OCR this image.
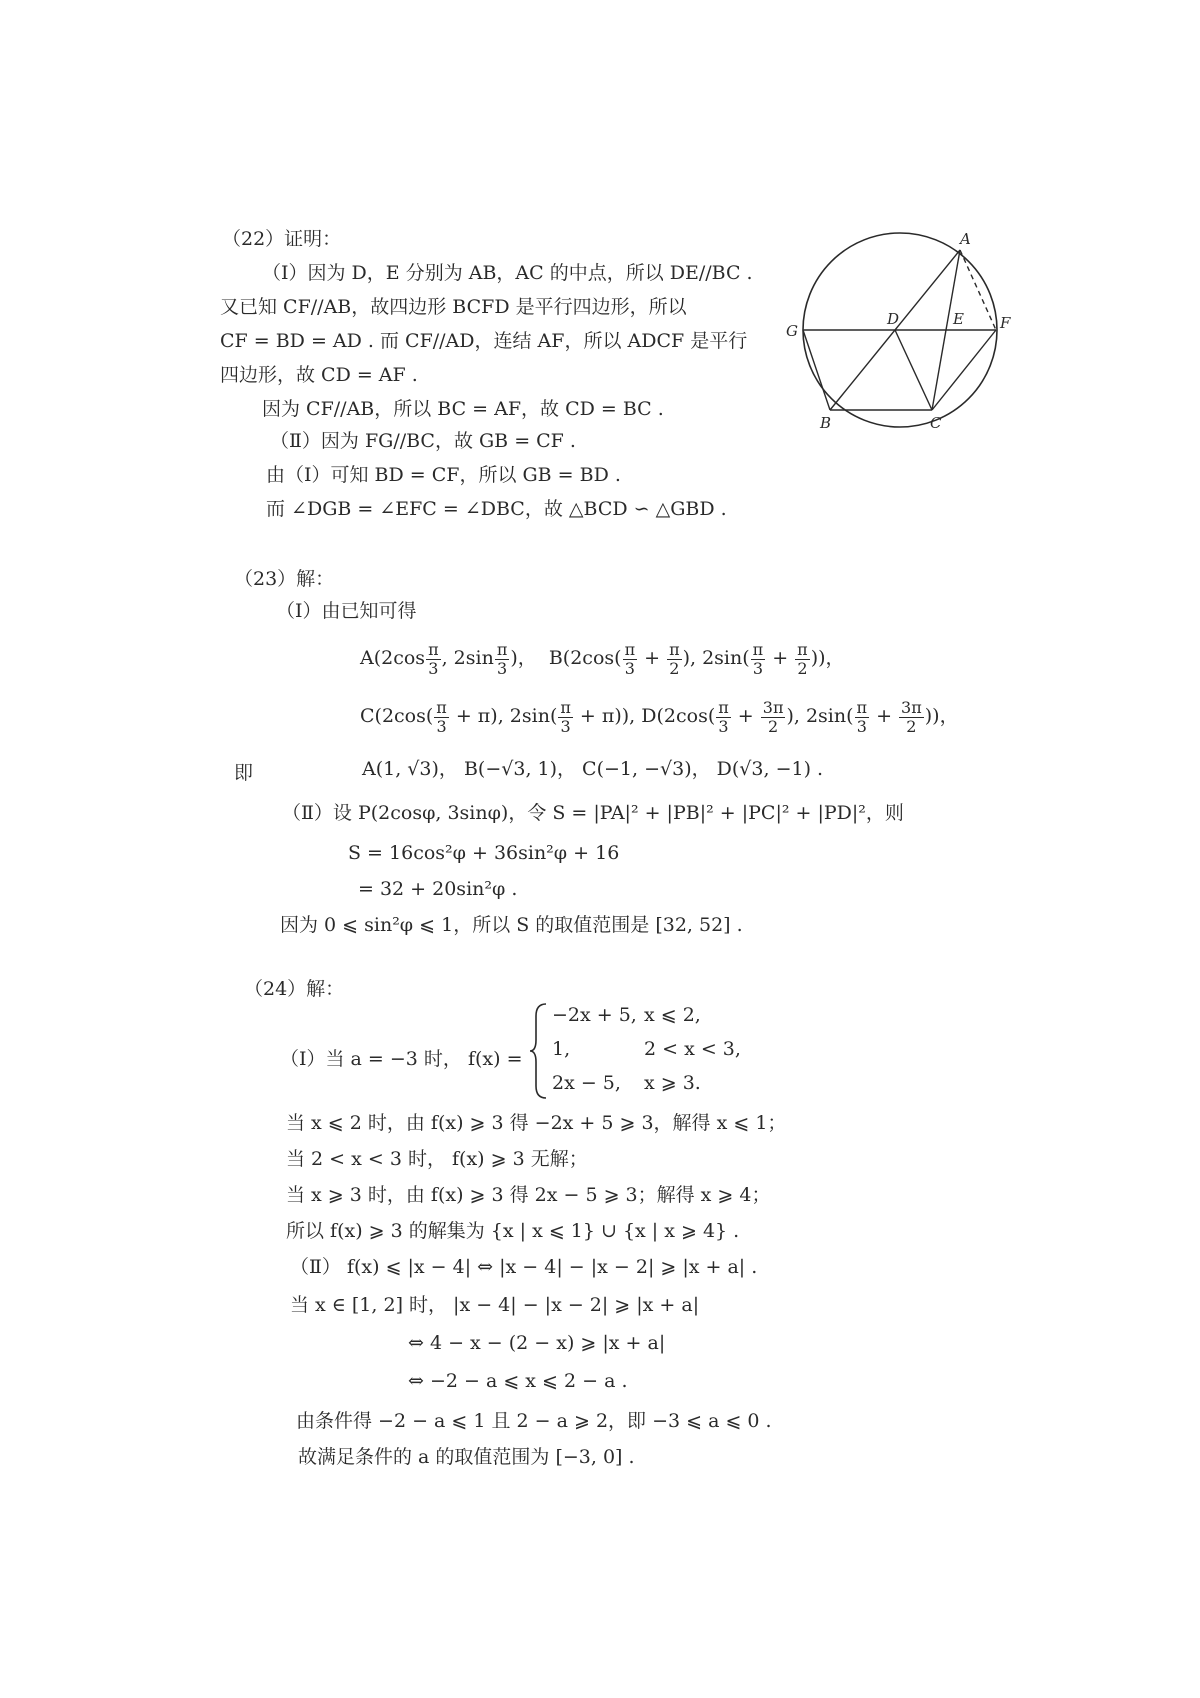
（22）证明：
（Ⅰ）因为 D，E 分别为 AB，AC 的中点，所以 DE//BC .
又已知 CF//AB，故四边形 BCFD 是平行四边形，所以
CF = BD = AD . 而 CF//AD，连结 AF，所以 ADCF 是平行
四边形，故 CD = AF .
因为 CF//AB，所以 BC = AF，故 CD = BC .
（Ⅱ）因为 FG//BC，故 GB = CF .
由（Ⅰ）可知 BD = CF，所以 GB = BD .
而 ∠DGB = ∠EFC = ∠DBC，故 △BCD ∽ △GBD .
A
B	C
D	E F
G
（23）解：
（Ⅰ）由已知可得
$A(2\cos \frac{\pi}{3}$ , $2\sin \frac{\pi}{3}$ )， $B(2\cos( \frac{\pi}{3} + \frac{\pi}{2}$ ), $2\sin( \frac{\pi}{3} + \frac{\pi}{2}$ ))，
$C(2\cos( \frac{\pi}{3} + \pi)$, $2\sin( \frac{\pi}{3} + \pi)$), $D(2\cos( \frac{\pi}{3} + \frac{3\pi}{2}$ ), $2\sin( \frac{\pi}{3} + \frac{3\pi}{2}$ ))，
即	A(1, √3)， B(−√3, 1)， C(−1, −√3)， D(√3, −1) .
（Ⅱ）设 P(2cosφ, 3sinφ)，令 S = |PA|² + |PB|² + |PC|² + |PD|²，则
S = 16cos²φ + 36sin²φ + 16
= 32 + 20sin²φ .
因为 0 ⩽ sin²φ ⩽ 1，所以 S 的取值范围是 [32, 52] .
（24）解：
（Ⅰ）当 a = −3 时， f(x) =
−2x + 5, x ⩽ 2,
1,	2 < x < 3,
2x − 5, x ⩾ 3.
当 x ⩽ 2 时，由 f(x) ⩾ 3 得 −2x + 5 ⩾ 3，解得 x ⩽ 1；
当 2 < x < 3 时， f(x) ⩾ 3 无解；
当 x ⩾ 3 时，由 f(x) ⩾ 3 得 2x − 5 ⩾ 3；解得 x ⩾ 4；
所以 f(x) ⩾ 3 的解集为 {x | x ⩽ 1} ∪ {x | x ⩾ 4} .
（Ⅱ） f(x) ⩽ |x − 4| ⇔ |x − 4| − |x − 2| ⩾ |x + a| .
当 x ∈ [1, 2] 时， |x − 4| − |x − 2| ⩾ |x + a|
⇔ 4 − x − (2 − x) ⩾ |x + a|
⇔ −2 − a ⩽ x ⩽ 2 − a .
由条件得 −2 − a ⩽ 1 且 2 − a ⩾ 2，即 −3 ⩽ a ⩽ 0 .
故满足条件的 a 的取值范围为 [−3, 0] .
